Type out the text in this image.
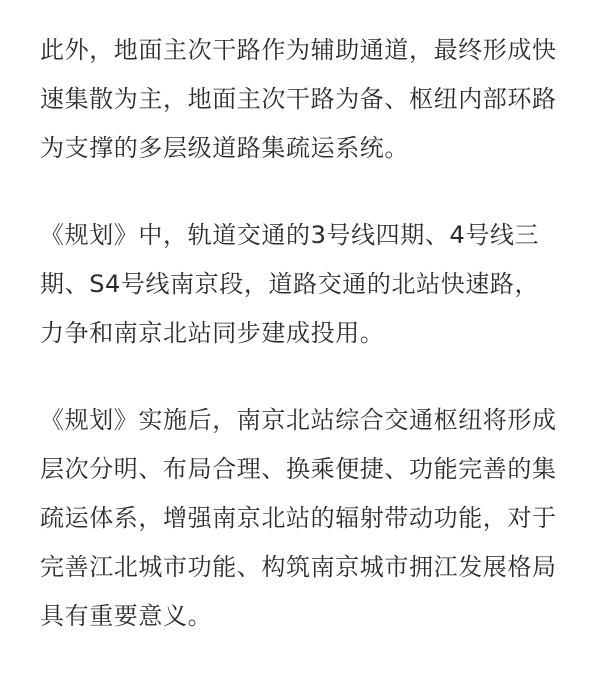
此外，地面主次干路作为辅助通道，最终形成快
速集散为主，地面主次干路为备、枢纽内部环路
为支撑的多层级道路集疏运系统。

《规划》中，轨道交通的3号线四期、4号线三
期、S4号线南京段，道路交通的北站快速路，
力争和南京北站同步建成投用。

《规划》实施后，南京北站综合交通枢纽将形成
层次分明、布局合理、换乘便捷、功能完善的集
疏运体系，增强南京北站的辐射带动功能，对于
完善江北城市功能、构筑南京城市拥江发展格局
具有重要意义。
